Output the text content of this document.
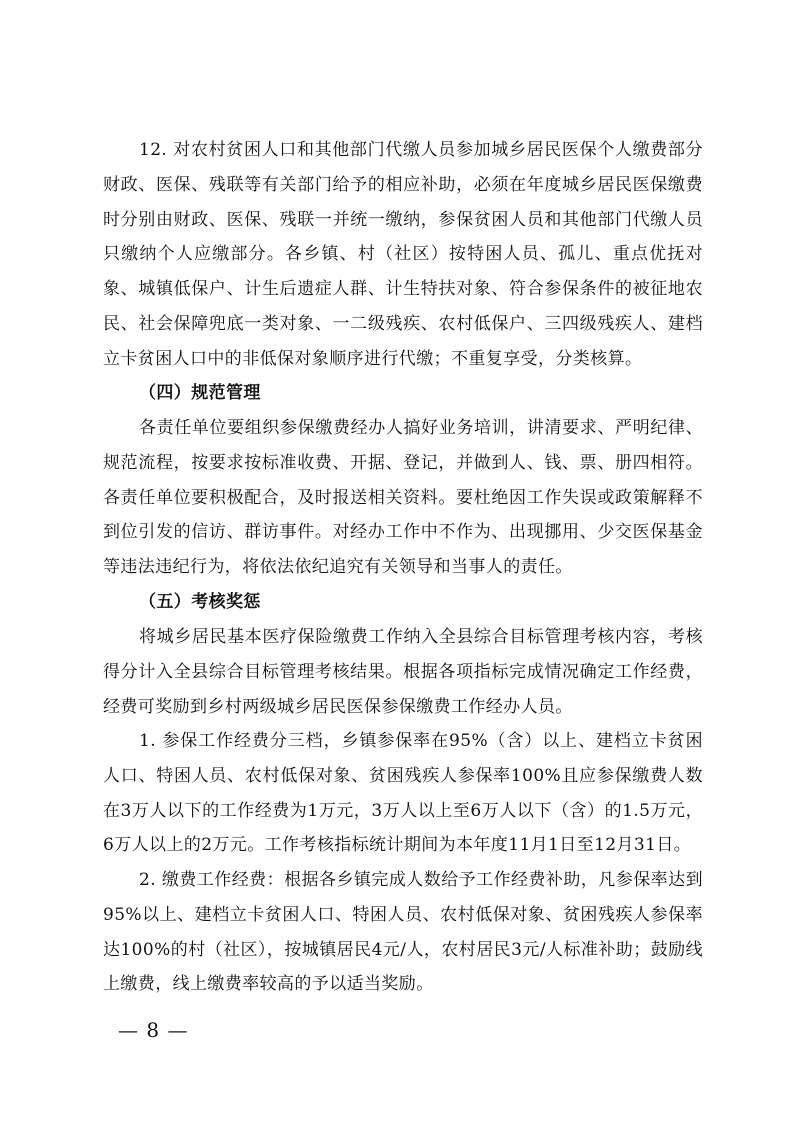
12. 对农村贫困人口和其他部门代缴人员参加城乡居民医保个人缴费部分财政、医保、残联等有关部门给予的相应补助，必须在年度城乡居民医保缴费时分别由财政、医保、残联一并统一缴纳，参保贫困人员和其他部门代缴人员只缴纳个人应缴部分。各乡镇、村（社区）按特困人员、孤儿、重点优抚对象、城镇低保户、计生后遗症人群、计生特扶对象、符合参保条件的被征地农民、社会保障兜底一类对象、一二级残疾、农村低保户、三四级残疾人、建档立卡贫困人口中的非低保对象顺序进行代缴；不重复享受，分类核算。

（四）规范管理

各责任单位要组织参保缴费经办人搞好业务培训，讲清要求、严明纪律、规范流程，按要求按标准收费、开据、登记，并做到人、钱、票、册四相符。各责任单位要积极配合，及时报送相关资料。要杜绝因工作失误或政策解释不到位引发的信访、群访事件。对经办工作中不作为、出现挪用、少交医保基金等违法违纪行为，将依法依纪追究有关领导和当事人的责任。

（五）考核奖惩

将城乡居民基本医疗保险缴费工作纳入全县综合目标管理考核内容，考核得分计入全县综合目标管理考核结果。根据各项指标完成情况确定工作经费，经费可奖励到乡村两级城乡居民医保参保缴费工作经办人员。

1. 参保工作经费分三档，乡镇参保率在95%（含）以上、建档立卡贫困人口、特困人员、农村低保对象、贫困残疾人参保率100%且应参保缴费人数在3万人以下的工作经费为1万元，3万人以上至6万人以下（含）的1.5万元，6万人以上的2万元。工作考核指标统计期间为本年度11月1日至12月31日。

2. 缴费工作经费：根据各乡镇完成人数给予工作经费补助，凡参保率达到95%以上、建档立卡贫困人口、特困人员、农村低保对象、贫困残疾人参保率达100%的村（社区），按城镇居民4元/人，农村居民3元/人标准补助；鼓励线上缴费，线上缴费率较高的予以适当奖励。

— 8 —
